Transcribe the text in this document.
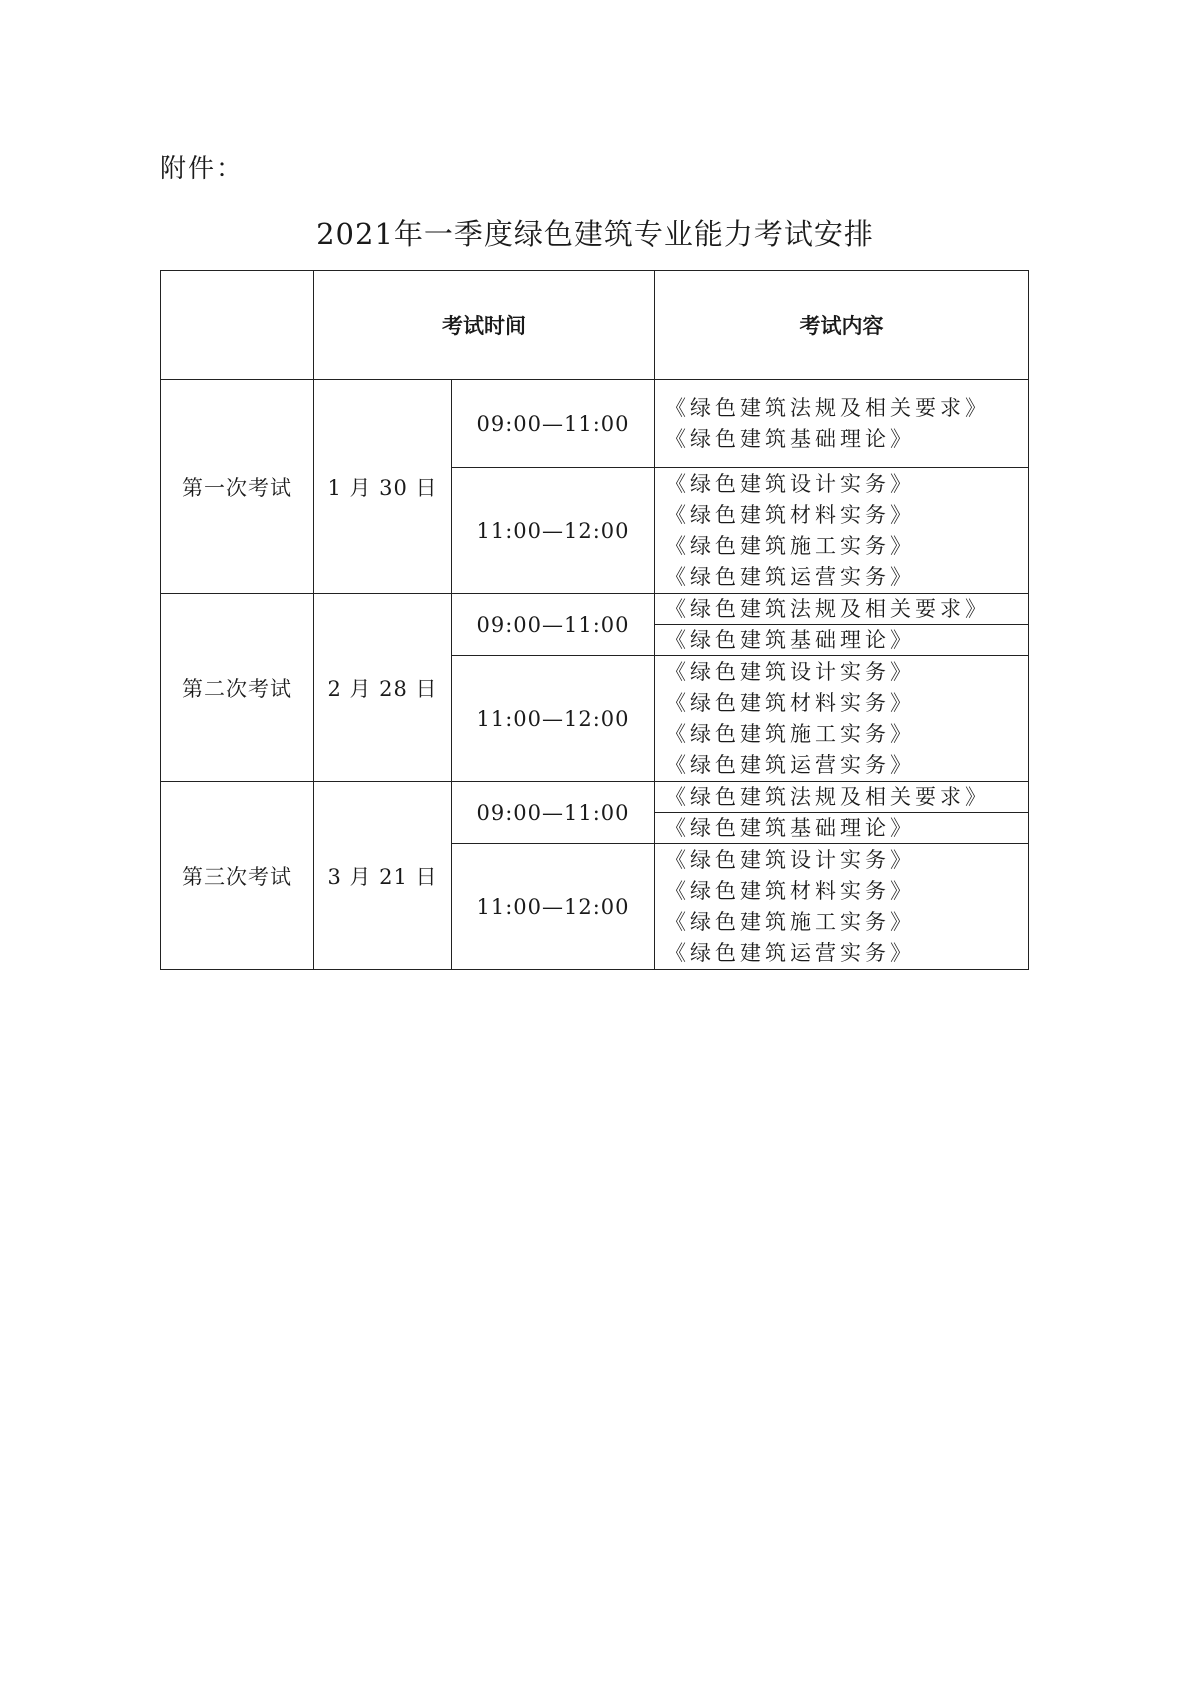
附件：
2021年一季度绿色建筑专业能力考试安排
	考试时间		考试内容
第一次考试	1 月 30 日	09:00—11:00	《绿色建筑法规及相关要求》
《绿色建筑基础理论》

		11:00—12:00	《绿色建筑设计实务》
《绿色建筑材料实务》
《绿色建筑施工实务》
《绿色建筑运营实务》

第二次考试	2 月 28 日	09:00—11:00	《绿色建筑法规及相关要求》
			《绿色建筑基础理论》
		11:00—12:00	《绿色建筑设计实务》
《绿色建筑材料实务》
《绿色建筑施工实务》
《绿色建筑运营实务》

第三次考试	3 月 21 日	09:00—11:00	《绿色建筑法规及相关要求》
			《绿色建筑基础理论》
		11:00—12:00	《绿色建筑设计实务》
《绿色建筑材料实务》
《绿色建筑施工实务》
《绿色建筑运营实务》
